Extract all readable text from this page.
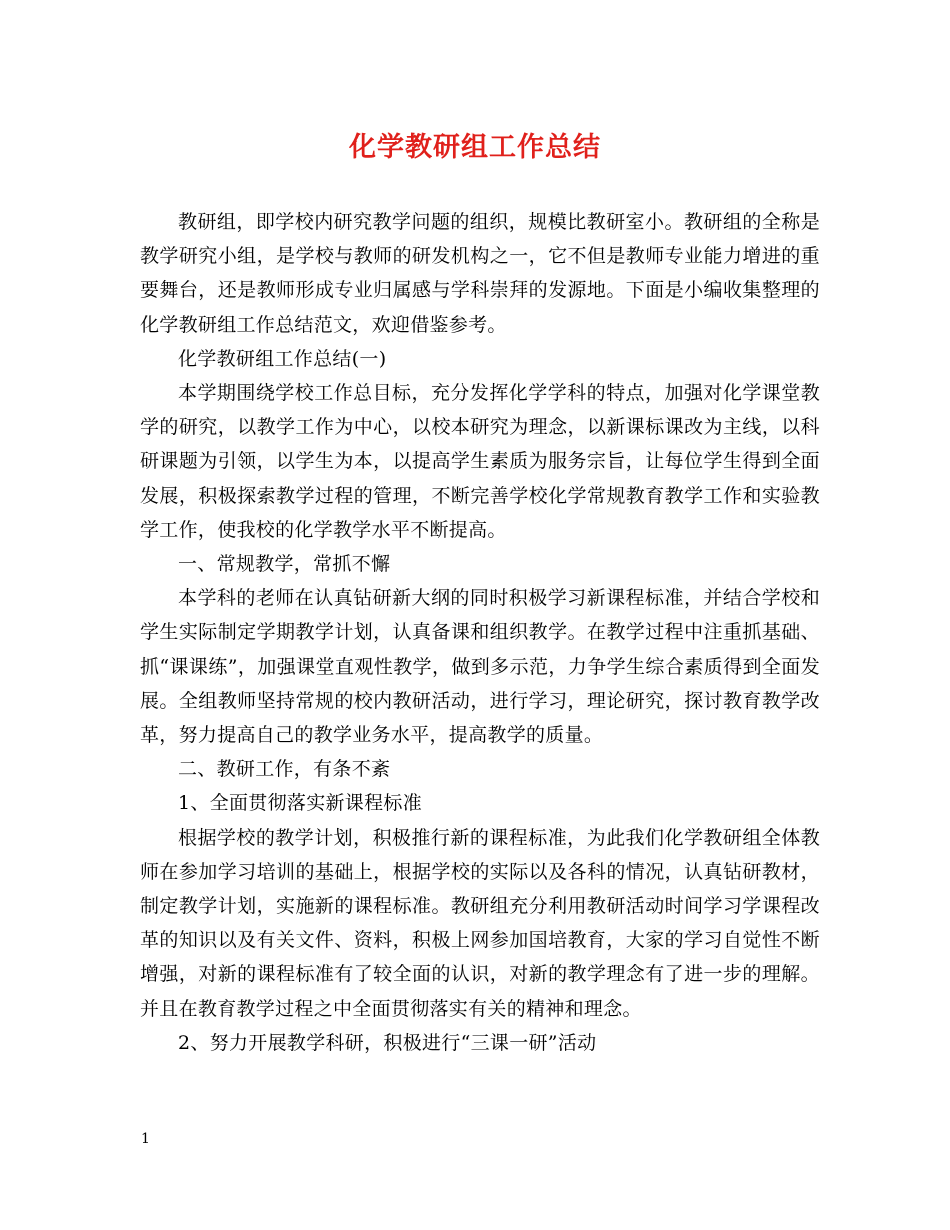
化学教研组工作总结

教研组，即学校内研究教学问题的组织，规模比教研室小。教研组的全称是教学研究小组，是学校与教师的研发机构之一，它不但是教师专业能力增进的重要舞台，还是教师形成专业归属感与学科崇拜的发源地。下面是小编收集整理的化学教研组工作总结范文，欢迎借鉴参考。

化学教研组工作总结(一)

本学期围绕学校工作总目标，充分发挥化学学科的特点，加强对化学课堂教学的研究，以教学工作为中心，以校本研究为理念，以新课标课改为主线，以科研课题为引领，以学生为本，以提高学生素质为服务宗旨，让每位学生得到全面发展，积极探索教学过程的管理，不断完善学校化学常规教育教学工作和实验教学工作，使我校的化学教学水平不断提高。

一、常规教学，常抓不懈

本学科的老师在认真钻研新大纲的同时积极学习新课程标准，并结合学校和学生实际制定学期教学计划，认真备课和组织教学。在教学过程中注重抓基础、抓“课课练”，加强课堂直观性教学，做到多示范，力争学生综合素质得到全面发展。全组教师坚持常规的校内教研活动，进行学习，理论研究，探讨教育教学改革，努力提高自己的教学业务水平，提高教学的质量。

二、教研工作，有条不紊

1、全面贯彻落实新课程标准

根据学校的教学计划，积极推行新的课程标准，为此我们化学教研组全体教师在参加学习培训的基础上，根据学校的实际以及各科的情况，认真钻研教材，制定教学计划，实施新的课程标准。教研组充分利用教研活动时间学习学课程改革的知识以及有关文件、资料，积极上网参加国培教育，大家的学习自觉性不断增强，对新的课程标准有了较全面的认识，对新的教学理念有了进一步的理解。并且在教育教学过程之中全面贯彻落实有关的精神和理念。

2、努力开展教学科研，积极进行“三课一研”活动

1
